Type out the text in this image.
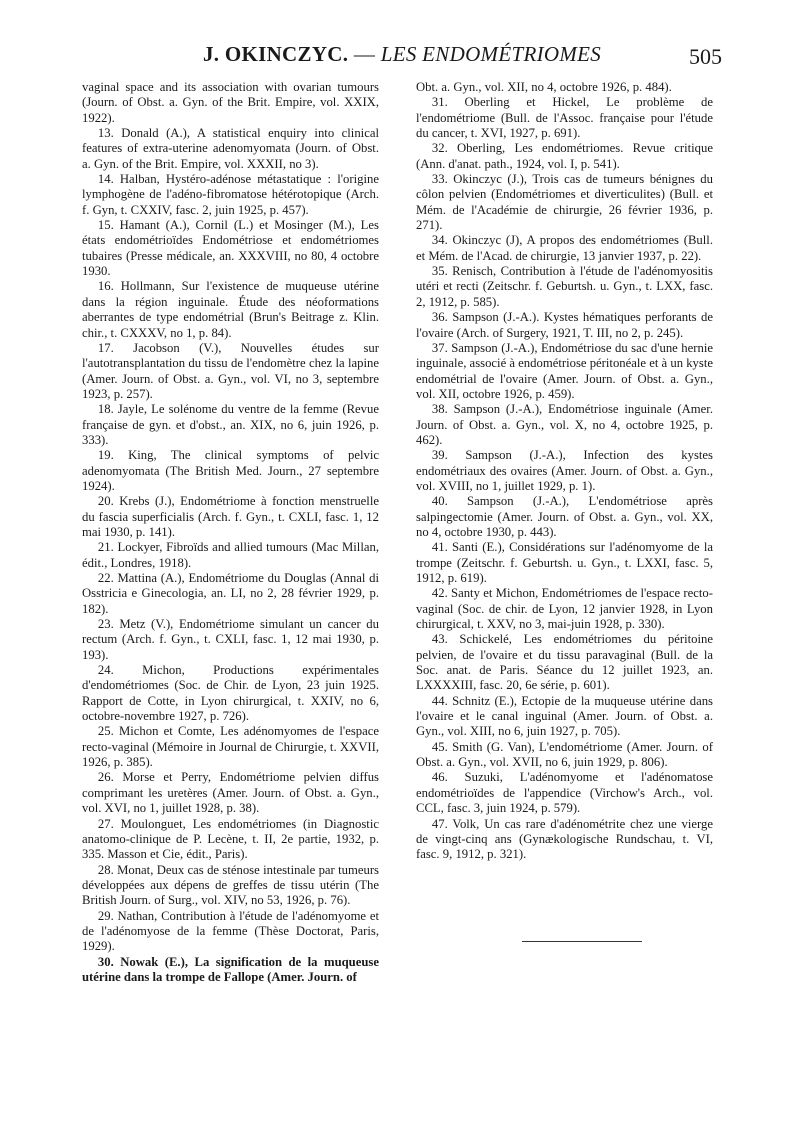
J. OKINCZYC. — LES ENDOMÉTRIOMES	505

vaginal space and its association with ovarian tumours (Journ. of Obst. a. Gyn. of the Brit. Empire, vol. XXIX, 1922).

13. Donald (A.), A statistical enquiry into clinical features of extra-uterine adenomyomata (Journ. of Obst. a. Gyn. of the Brit. Empire, vol. XXXII, no 3).

14. Halban, Hystéro-adénose métastatique : l'origine lymphogène de l'adéno-fibromatose hétérotopique (Arch. f. Gyn, t. CXXIV, fasc. 2, juin 1925, p. 457).

15. Hamant (A.), Cornil (L.) et Mosinger (M.), Les états endométrioïdes Endométriose et endométriomes tubaires (Presse médicale, an. XXXVIII, no 80, 4 octobre 1930.

16. Hollmann, Sur l'existence de muqueuse utérine dans la région inguinale. Étude des néoformations aberrantes de type endométrial (Brun's Beitrage z. Klin. chir., t. CXXXV, no 1, p. 84).

17. Jacobson (V.), Nouvelles études sur l'autotransplantation du tissu de l'endomètre chez la lapine (Amer. Journ. of Obst. a. Gyn., vol. VI, no 3, septembre 1923, p. 257).

18. Jayle, Le solénome du ventre de la femme (Revue française de gyn. et d'obst., an. XIX, no 6, juin 1926, p. 333).

19. King, The clinical symptoms of pelvic adenomyomata (The British Med. Journ., 27 septembre 1924).

20. Krebs (J.), Endométriome à fonction menstruelle du fascia superficialis (Arch. f. Gyn., t. CXLI, fasc. 1, 12 mai 1930, p. 141).

21. Lockyer, Fibroïds and allied tumours (Mac Millan, édit., Londres, 1918).

22. Mattina (A.), Endométriome du Douglas (Annal di Osstricia e Ginecologia, an. LI, no 2, 28 février 1929, p. 182).

23. Metz (V.), Endométriome simulant un cancer du rectum (Arch. f. Gyn., t. CXLI, fasc. 1, 12 mai 1930, p. 193).

24. Michon, Productions expérimentales d'endométriomes (Soc. de Chir. de Lyon, 23 juin 1925. Rapport de Cotte, in Lyon chirurgical, t. XXIV, no 6, octobre-novembre 1927, p. 726).

25. Michon et Comte, Les adénomyomes de l'espace recto-vaginal (Mémoire in Journal de Chirurgie, t. XXVII, 1926, p. 385).

26. Morse et Perry, Endométriome pelvien diffus comprimant les uretères (Amer. Journ. of Obst. a. Gyn., vol. XVI, no 1, juillet 1928, p. 38).

27. Moulonguet, Les endométriomes (in Diagnostic anatomo-clinique de P. Lecène, t. II, 2e partie, 1932, p. 335. Masson et Cie, édit., Paris).

28. Monat, Deux cas de sténose intestinale par tumeurs développées aux dépens de greffes de tissu utérin (The British Journ. of Surg., vol. XIV, no 53, 1926, p. 76).

29. Nathan, Contribution à l'étude de l'adénomyome et de l'adénomyose de la femme (Thèse Doctorat, Paris, 1929).

30. Nowak (E.), La signification de la muqueuse utérine dans la trompe de Fallope (Amer. Journ. of

Obt. a. Gyn., vol. XII, no 4, octobre 1926, p. 484).

31. Oberling et Hickel, Le problème de l'endométriome (Bull. de l'Assoc. française pour l'étude du cancer, t. XVI, 1927, p. 691).

32. Oberling, Les endométriomes. Revue critique (Ann. d'anat. path., 1924, vol. I, p. 541).

33. Okinczyc (J.), Trois cas de tumeurs bénignes du côlon pelvien (Endométriomes et diverticulites) (Bull. et Mém. de l'Académie de chirurgie, 26 février 1936, p. 271).

34. Okinczyc (J), A propos des endométriomes (Bull. et Mém. de l'Acad. de chirurgie, 13 janvier 1937, p. 22).

35. Renisch, Contribution à l'étude de l'adénomyositis utéri et recti (Zeitschr. f. Geburtsh. u. Gyn., t. LXX, fasc. 2, 1912, p. 585).

36. Sampson (J.-A.). Kystes hématiques perforants de l'ovaire (Arch. of Surgery, 1921, T. III, no 2, p. 245).

37. Sampson (J.-A.), Endométriose du sac d'une hernie inguinale, associé à endométriose péritonéale et à un kyste endométrial de l'ovaire (Amer. Journ. of Obst. a. Gyn., vol. XII, octobre 1926, p. 459).

38. Sampson (J.-A.), Endométriose inguinale (Amer. Journ. of Obst. a. Gyn., vol. X, no 4, octobre 1925, p. 462).

39. Sampson (J.-A.), Infection des kystes endométriaux des ovaires (Amer. Journ. of Obst. a. Gyn., vol. XVIII, no 1, juillet 1929, p. 1).

40. Sampson (J.-A.), L'endométriose après salpingectomie (Amer. Journ. of Obst. a. Gyn., vol. XX, no 4, octobre 1930, p. 443).

41. Santi (E.), Considérations sur l'adénomyome de la trompe (Zeitschr. f. Geburtsh. u. Gyn., t. LXXI, fasc. 5, 1912, p. 619).

42. Santy et Michon, Endométriomes de l'espace recto-vaginal (Soc. de chir. de Lyon, 12 janvier 1928, in Lyon chirurgical, t. XXV, no 3, mai-juin 1928, p. 330).

43. Schickelé, Les endométriomes du péritoine pelvien, de l'ovaire et du tissu paravaginal (Bull. de la Soc. anat. de Paris. Séance du 12 juillet 1923, an. LXXXXIII, fasc. 20, 6e série, p. 601).

44. Schnitz (E.), Ectopie de la muqueuse utérine dans l'ovaire et le canal inguinal (Amer. Journ. of Obst. a. Gyn., vol. XIII, no 6, juin 1927, p. 705).

45. Smith (G. Van), L'endométriome (Amer. Journ. of Obst. a. Gyn., vol. XVII, no 6, juin 1929, p. 806).

46. Suzuki, L'adénomyome et l'adénomatose endométrioïdes de l'appendice (Virchow's Arch., vol. CCL, fasc. 3, juin 1924, p. 579).

47. Volk, Un cas rare d'adénométrite chez une vierge de vingt-cinq ans (Gynækologische Rundschau, t. VI, fasc. 9, 1912, p. 321).
